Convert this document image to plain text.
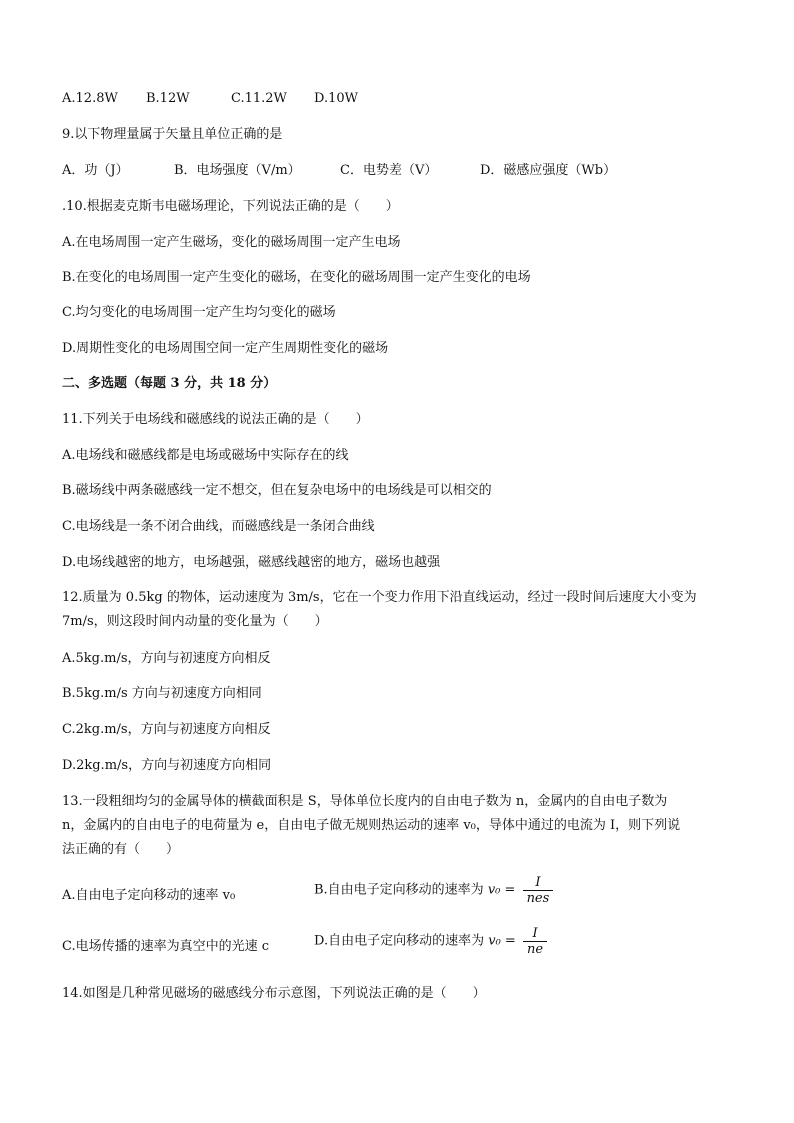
A.12.8W B.12W	C.11.2W D.10W
9.以下物理量属于矢量且单位正确的是
A．功（J）	B．电场强度（V/m）	C．电势差（V）	D．磁感应强度（Wb）
.10.根据麦克斯韦电磁场理论，下列说法正确的是（　　）
A.在电场周围一定产生磁场，变化的磁场周围一定产生电场
B.在变化的电场周围一定产生变化的磁场，在变化的磁场周围一定产生变化的电场
C.均匀变化的电场周围一定产生均匀变化的磁场
D.周期性变化的电场周围空间一定产生周期性变化的磁场
二、多选题（每题 3 分，共 18 分）
11.下列关于电场线和磁感线的说法正确的是（　　）
A.电场线和磁感线都是电场或磁场中实际存在的线
B.磁场线中两条磁感线一定不想交，但在复杂电场中的电场线是可以相交的
C.电场线是一条不闭合曲线，而磁感线是一条闭合曲线
D.电场线越密的地方，电场越强，磁感线越密的地方，磁场也越强
12.质量为 0.5kg 的物体，运动速度为 3m/s，它在一个变力作用下沿直线运动，经过一段时间后速度大小变为
7m/s，则这段时间内动量的变化量为（　　）
A.5kg.m/s，方向与初速度方向相反
B.5kg.m/s 方向与初速度方向相同
C.2kg.m/s，方向与初速度方向相反
D.2kg.m/s，方向与初速度方向相同
13.一段粗细均匀的金属导体的横截面积是 S，导体单位长度内的自由电子数为 n，金属内的自由电子数为
n，金属内的自由电子的电荷量为 e，自由电子做无规则热运动的速率 v₀，导体中通过的电流为 I，则下列说
法正确的有（　　）
A.自由电子定向移动的速率 v₀	B.自由电子定向移动的速率为 $v_0 = \frac{I}{\text{nes}}$
C.电场传播的速率为真空中的光速 c	D.自由电子定向移动的速率为 $v_0 = \frac{I}{ne}$
14.如图是几种常见磁场的磁感线分布示意图，下列说法正确的是（　　）
